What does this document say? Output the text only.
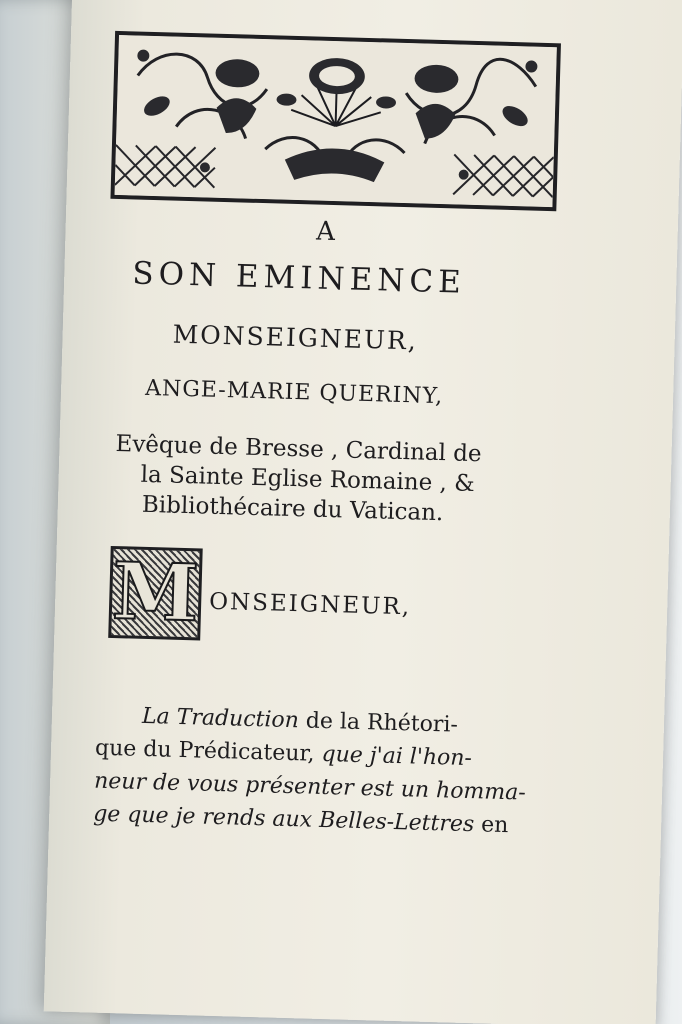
A
SON EMINENCE
MONSEIGNEUR,
ANGE-MARIE QUERINY,
Evêque de Bresse , Cardinal de
la Sainte Eglise Romaine , &
Bibliothécaire du Vatican.
M ONSEIGNEUR,
La Traduction de la Rhétori-
que du Prédicateur, que j'ai l'hon-
neur de vous présenter est un homma-
ge que je rends aux Belles-Lettres en
